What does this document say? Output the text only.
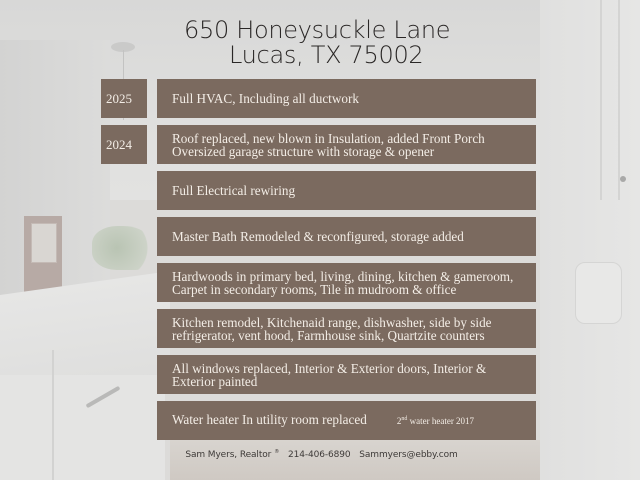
650 Honeysuckle Lane
Lucas, TX 75002
2025
2024
Full HVAC, Including all ductwork
Roof replaced, new blown in Insulation, added Front Porch
Oversized garage structure with storage & opener
Full Electrical rewiring
Master Bath Remodeled & reconfigured, storage added
Hardwoods in primary bed, living, dining, kitchen & gameroom,
Carpet in secondary rooms, Tile in mudroom & office
Kitchen remodel, Kitchenaid range, dishwasher, side by side
refrigerator, vent hood, Farmhouse sink, Quartzite counters
All windows replaced, Interior & Exterior doors, Interior &
Exterior painted
Water heater In utility room replaced	2nd water heater 2017
Sam Myers, Realtor ® 214-406-6890 Sammyers@ebby.com
